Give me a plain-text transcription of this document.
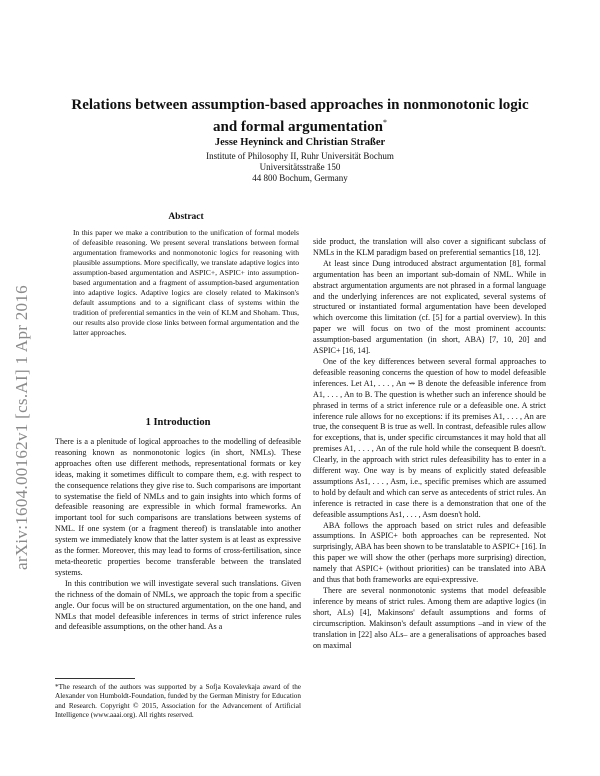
arXiv:1604.00162v1 [cs.AI] 1 Apr 2016
Relations between assumption-based approaches in nonmonotonic logic and formal argumentation*
Jesse Heyninck and Christian Straßer
Institute of Philosophy II, Ruhr Universität Bochum
Universitätsstraße 150
44 800 Bochum, Germany
Abstract
In this paper we make a contribution to the unification of formal models of defeasible reasoning. We present several translations between formal argumentation frameworks and nonmonotonic logics for reasoning with plausible assumptions. More specifically, we translate adaptive logics into assumption-based argumentation and ASPIC+, ASPIC+ into assumption-based argumentation and a fragment of assumption-based argumentation into adaptive logics. Adaptive logics are closely related to Makinson's default assumptions and to a significant class of systems within the tradition of preferential semantics in the vein of KLM and Shoham. Thus, our results also provide close links between formal argumentation and the latter approaches.
1 Introduction

There is a a plenitude of logical approaches to the modelling of defeasible reasoning known as nonmonotonic logics (in short, NMLs). These approaches often use different methods, representational formats or key ideas, making it sometimes difficult to compare them, e.g. with respect to the consequence relations they give rise to. Such comparisons are important to systematise the field of NMLs and to gain insights into which forms of defeasible reasoning are expressible in which formal frameworks. An important tool for such comparisons are translations between systems of NML. If one system (or a fragment thereof) is translatable into another system we immediately know that the latter system is at least as expressive as the former. Moreover, this may lead to forms of cross-fertilisation, since meta-theoretic properties become transferable between the translated systems.

In this contribution we will investigate several such translations. Given the richness of the domain of NMLs, we approach the topic from a specific angle. Our focus will be on structured argumentation, on the one hand, and NMLs that model defeasible inferences in terms of strict inference rules and defeasible assumptions, on the other hand. As a

*The research of the authors was supported by a Sofja Kovalevkaja award of the Alexander von Humboldt-Foundation, funded by the German Ministry for Education and Research. Copyright © 2015, Association for the Advancement of Artificial Intelligence (www.aaai.org). All rights reserved.

side product, the translation will also cover a significant subclass of NMLs in the KLM paradigm based on preferential semantics [18, 12].

At least since Dung introduced abstract argumentation [8], formal argumentation has been an important sub-domain of NML. While in abstract argumentation arguments are not phrased in a formal language and the underlying inferences are not explicated, several systems of structured or instantiated formal argumentation have been developed which overcome this limitation (cf. [5] for a partial overview). In this paper we will focus on two of the most prominent accounts: assumption-based argumentation (in short, ABA) [7, 10, 20] and ASPIC+ [16, 14].

One of the key differences between several formal approaches to defeasible reasoning concerns the question of how to model defeasible inferences. Let A1, . . . , An ⇝ B denote the defeasible inference from A1, . . . , An to B. The question is whether such an inference should be phrased in terms of a strict inference rule or a defeasible one. A strict inference rule allows for no exceptions: if its premises A1, . . . , An are true, the consequent B is true as well. In contrast, defeasible rules allow for exceptions, that is, under specific circumstances it may hold that all premises A1, . . . , An of the rule hold while the consequent B doesn't. Clearly, in the approach with strict rules defeasibility has to enter in a different way. One way is by means of explicitly stated defeasible assumptions As1, . . . , Asm, i.e., specific premises which are assumed to hold by default and which can serve as antecedents of strict rules. An inference is retracted in case there is a demonstration that one of the defeasible assumptions As1, . . . , Asm doesn't hold.

ABA follows the approach based on strict rules and defeasible assumptions. In ASPIC+ both approaches can be represented. Not surprisingly, ABA has been shown to be translatable to ASPIC+ [16]. In this paper we will show the other (perhaps more surprising) direction, namely that ASPIC+ (without priorities) can be translated into ABA and thus that both frameworks are equi-expressive.

There are several nonmonotonic systems that model defeasible inference by means of strict rules. Among them are adaptive logics (in short, ALs) [4], Makinsons' default assumptions and forms of circumscription. Makinson's default assumptions –and in view of the translation in [22] also ALs– are a generalisations of approaches based on maximal
